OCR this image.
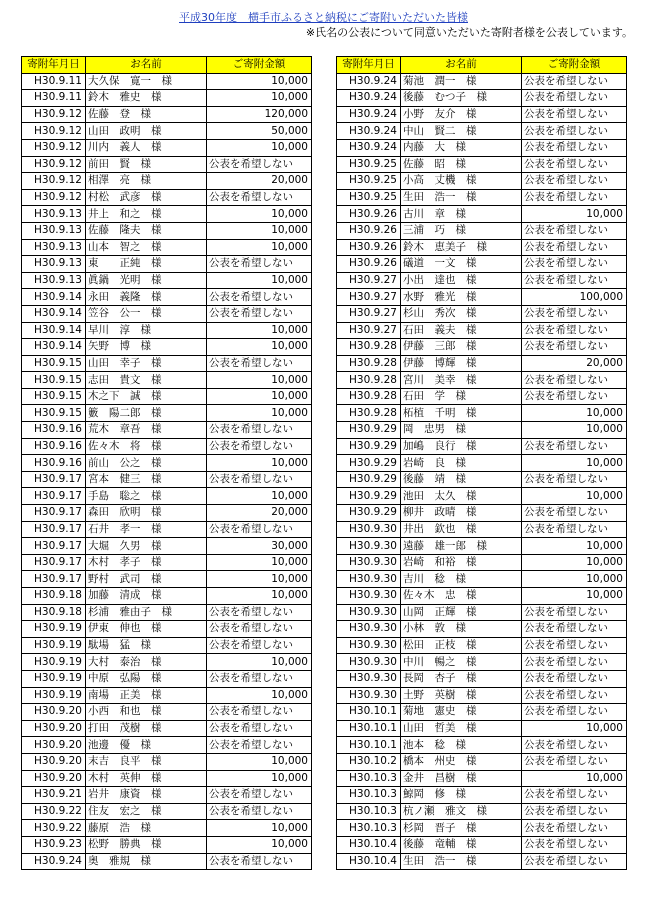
平成30年度　横手市ふるさと納税にご寄附いただいた皆様
※氏名の公表について同意いただいた寄附者様を公表しています。
寄附年月日	お名前	ご寄附金額
H30.9.11	大久保　寛一　様	10,000
H30.9.11	鈴木　雅史　様	10,000
H30.9.12	佐藤　登　様	120,000
H30.9.12	山田　政明　様	50,000
H30.9.12	川内　義人　様	10,000
H30.9.12	前田　賢　様	公表を希望しない
H30.9.12	相澤　亮　様	20,000
H30.9.12	村松　武彦　様	公表を希望しない
H30.9.13	井上　和之　様	10,000
H30.9.13	佐藤　隆夫　様	10,000
H30.9.13	山本　智之　様	10,000
H30.9.13	東　　正純　様	公表を希望しない
H30.9.13	眞鍋　光明　様	10,000
H30.9.14	永田　義隆　様	公表を希望しない
H30.9.14	笠谷　公一　様	公表を希望しない
H30.9.14	早川　淳　様	10,000
H30.9.14	矢野　博　様	10,000
H30.9.15	山田　幸子　様	公表を希望しない
H30.9.15	志田　貴文　様	10,000
H30.9.15	木之下　誠　様	10,000
H30.9.15	籔　陽二郎　様	10,000
H30.9.16	荒木　章吾　様	公表を希望しない
H30.9.16	佐々木　将　様	公表を希望しない
H30.9.16	前山　公之　様	10,000
H30.9.17	宮本　健三　様	公表を希望しない
H30.9.17	手島　聡之　様	10,000
H30.9.17	森田　欣明　様	20,000
H30.9.17	石井　孝一　様	公表を希望しない
H30.9.17	大堀　久男　様	30,000
H30.9.17	木村　孝子　様	10,000
H30.9.17	野村　武司　様	10,000
H30.9.18	加藤　清成　様	10,000
H30.9.18	杉浦　雅由子　様	公表を希望しない
H30.9.19	伊東　伸也　様	公表を希望しない
H30.9.19	駄場　猛　様	公表を希望しない
H30.9.19	大村　泰治　様	10,000
H30.9.19	中原　弘陽　様	公表を希望しない
H30.9.19	南場　正美　様	10,000
H30.9.20	小西　和也　様	公表を希望しない
H30.9.20	打田　茂樹　様	公表を希望しない
H30.9.20	池邊　優　様	公表を希望しない
H30.9.20	末吉　良平　様	10,000
H30.9.20	木村　英伸　様	10,000
H30.9.21	岩井　康資　様	公表を希望しない
H30.9.22	住友　宏之　様	公表を希望しない
H30.9.22	藤原　浩　様	10,000
H30.9.23	松野　勝典　様	10,000
H30.9.24	奥　雅規　様	公表を希望しない
寄附年月日	お名前	ご寄附金額
H30.9.24	菊池　潤一　様	公表を希望しない
H30.9.24	後藤　むつ子　様	公表を希望しない
H30.9.24	小野　友介　様	公表を希望しない
H30.9.24	中山　賢二　様	公表を希望しない
H30.9.24	内藤　大　様	公表を希望しない
H30.9.25	佐藤　昭　様	公表を希望しない
H30.9.25	小高　丈機　様	公表を希望しない
H30.9.25	生田　浩一　様	公表を希望しない
H30.9.26	古川　章　様	10,000
H30.9.26	三浦　巧　様	公表を希望しない
H30.9.26	鈴木　恵美子　様	公表を希望しない
H30.9.26	礒道　一文　様	公表を希望しない
H30.9.27	小出　達也　様	公表を希望しない
H30.9.27	水野　雅光　様	100,000
H30.9.27	杉山　秀次　様	公表を希望しない
H30.9.27	石田　義夫　様	公表を希望しない
H30.9.28	伊藤　三郎　様	公表を希望しない
H30.9.28	伊藤　博輝　様	20,000
H30.9.28	宮川　美幸　様	公表を希望しない
H30.9.28	石田　学　様	公表を希望しない
H30.9.28	柘植　千明　様	10,000
H30.9.29	岡　忠男　様	10,000
H30.9.29	加嶋　良行　様	公表を希望しない
H30.9.29	岩崎　良　様	10,000
H30.9.29	後藤　靖　様	公表を希望しない
H30.9.29	池田　太久　様	10,000
H30.9.29	柳井　政晴　様	公表を希望しない
H30.9.30	井出　欽也　様	公表を希望しない
H30.9.30	遠藤　雄一郎　様	10,000
H30.9.30	岩崎　和裕　様	10,000
H30.9.30	吉川　稔　様	10,000
H30.9.30	佐々木　忠　様	10,000
H30.9.30	山岡　正輝　様	公表を希望しない
H30.9.30	小林　敦　様	公表を希望しない
H30.9.30	松田　正枝　様	公表を希望しない
H30.9.30	中川　暢之　様	公表を希望しない
H30.9.30	長岡　杏子　様	公表を希望しない
H30.9.30	土野　英樹　様	公表を希望しない
H30.10.1	菊地　憲史　様	公表を希望しない
H30.10.1	山田　哲美　様	10,000
H30.10.1	池本　稔　様	公表を希望しない
H30.10.2	橋本　州史　様	公表を希望しない
H30.10.3	金井　昌樹　様	10,000
H30.10.3	鯨岡　修　様	公表を希望しない
H30.10.3	杭ノ瀬　雅文　様	公表を希望しない
H30.10.3	杉岡　晋子　様	公表を希望しない
H30.10.4	後藤　竜輔　様	公表を希望しない
H30.10.4	生田　浩一　様	公表を希望しない
